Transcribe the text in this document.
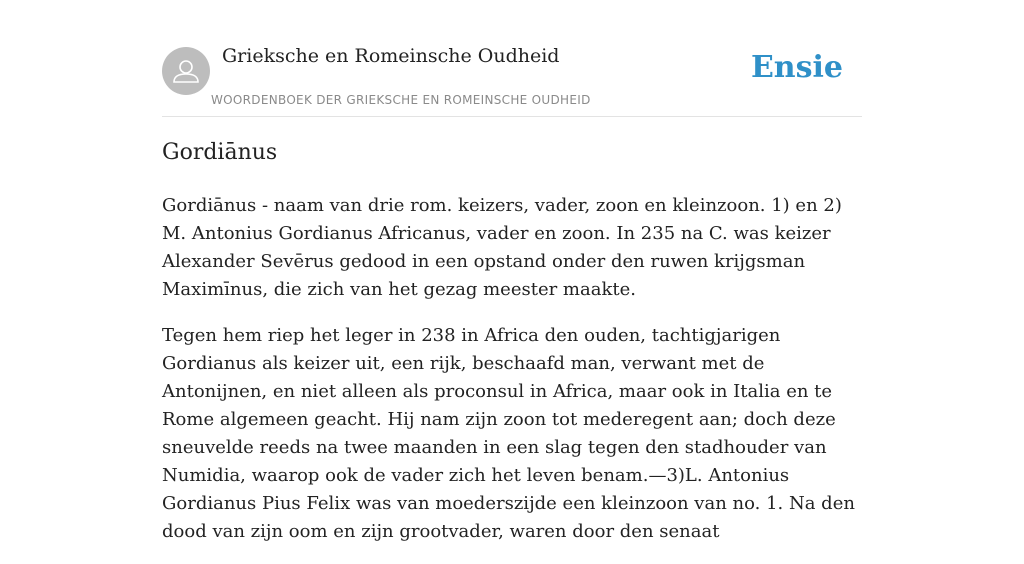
Grieksche en Romeinsche Oudheid
WOORDENBOEK DER GRIEKSCHE EN ROMEINSCHE OUDHEID
Ensie
Gordiānus

Gordiānus - naam van drie rom. keizers, vader, zoon en kleinzoon. 1) en 2) M. Antonius Gordianus Africanus, vader en zoon. In 235 na C. was keizer Alexander Sevērus gedood in een opstand onder den ruwen krijgsman Maximīnus, die zich van het gezag meester maakte.

Tegen hem riep het leger in 238 in Africa den ouden, tachtigjarigen Gordianus als keizer uit, een rijk, beschaafd man, verwant met de Antonijnen, en niet alleen als proconsul in Africa, maar ook in Italia en te Rome algemeen geacht. Hij nam zijn zoon tot mederegent aan; doch deze sneuvelde reeds na twee maanden in een slag tegen den stadhouder van Numidia, waarop ook de vader zich het leven benam.—3)L. Antonius Gordianus Pius Felix was van moederszijde een kleinzoon van no. 1. Na den dood van zijn oom en zijn grootvader, waren door den senaat
